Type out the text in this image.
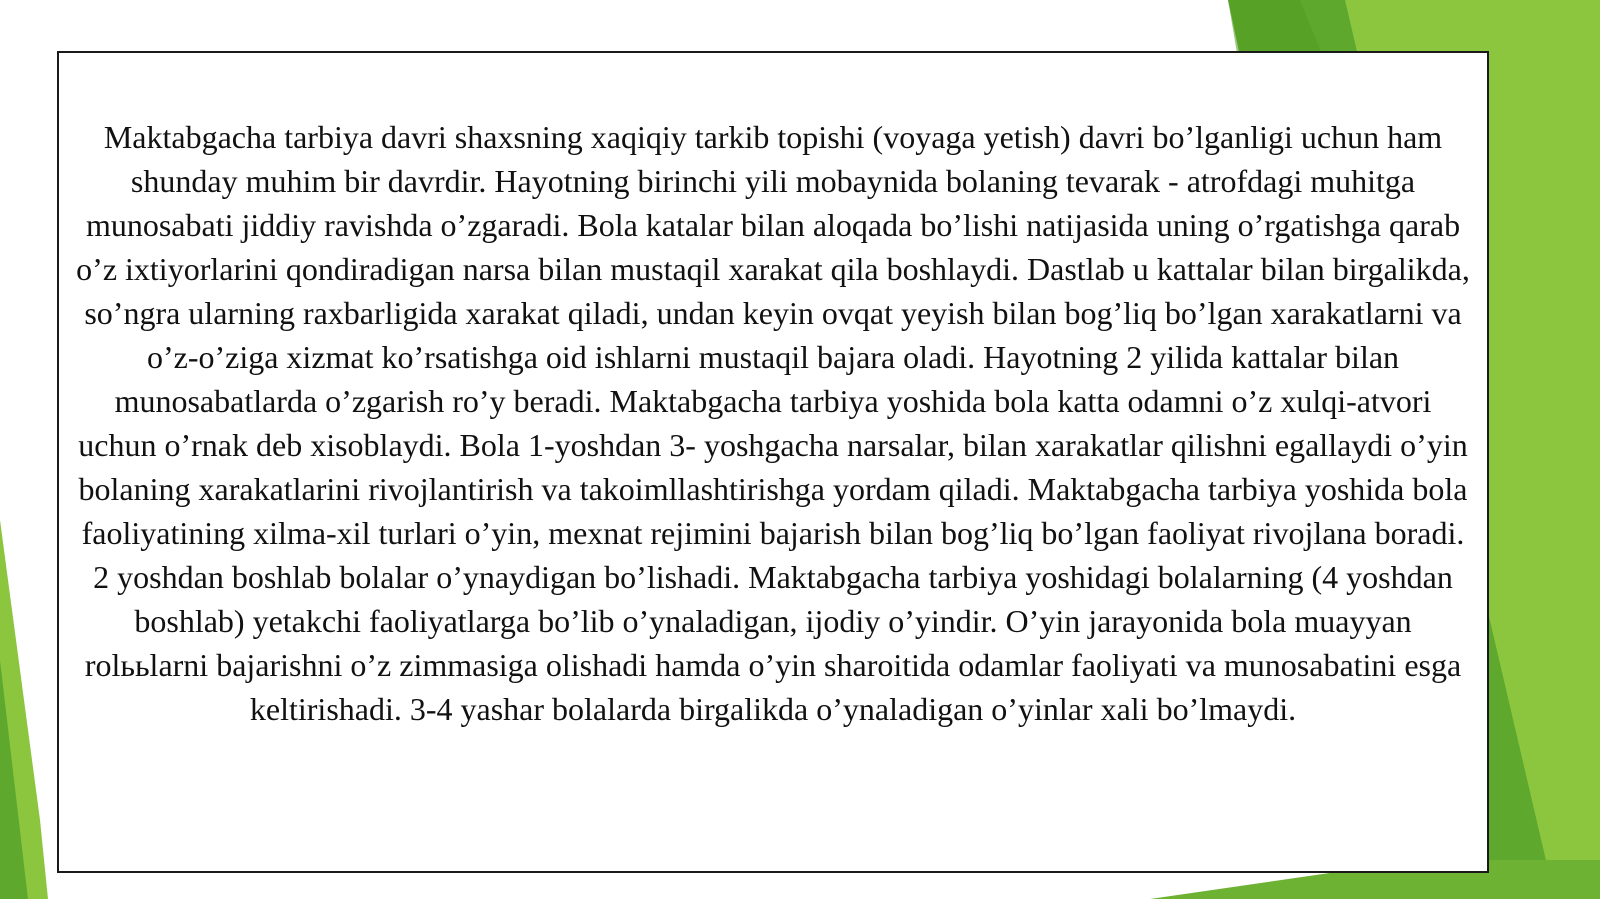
Maktabgacha tarbiya davri shaxsning xaqiqiy tarkib topishi (voyaga yetish) davri bo’lganligi uchun ham shunday muhim bir davrdir. Hayotning birinchi yili mobaynida bolaning tevarak - atrofdagi muhitga munosabati jiddiy ravishda o’zgaradi. Bola katalar bilan aloqada bo’lishi natijasida uning o’rgatishga qarab o’z ixtiyorlarini qondiradigan narsa bilan mustaqil xarakat qila boshlaydi. Dastlab u kattalar bilan birgalikda, so’ngra ularning raxbarligida xarakat qiladi, undan keyin ovqat yeyish bilan bog’liq bo’lgan xarakatlarni va o’z-o’ziga xizmat ko’rsatishga oid ishlarni mustaqil bajara oladi. Hayotning 2 yilida kattalar bilan munosabatlarda o’zgarish ro’y beradi. Maktabgacha tarbiya yoshida bola katta odamni o’z xulqi-atvori uchun o’rnak deb xisoblaydi. Bola 1-yoshdan 3- yoshgacha narsalar, bilan xarakatlar qilishni egallaydi o’yin bolaning xarakatlarini rivojlantirish va takoimllashtirishga yordam qiladi. Maktabgacha tarbiya yoshida bola faoliyatining xilma-xil turlari o’yin, mexnat rejimini bajarish bilan bog’liq bo’lgan faoliyat rivojlana boradi. 2 yoshdan boshlab bolalar o’ynaydigan bo’lishadi. Maktabgacha tarbiya yoshidagi bolalarning (4 yoshdan boshlab) yetakchi faoliyatlarga bo’lib o’ynaladigan, ijodiy o’yindir. O’yin jarayonida bola muayyan rolььlarni bajarishni o’z zimmasiga olishadi hamda o’yin sharoitida odamlar faoliyati va munosabatini esga keltirishadi. 3-4 yashar bolalarda birgalikda o’ynaladigan o’yinlar xali bo’lmaydi.
